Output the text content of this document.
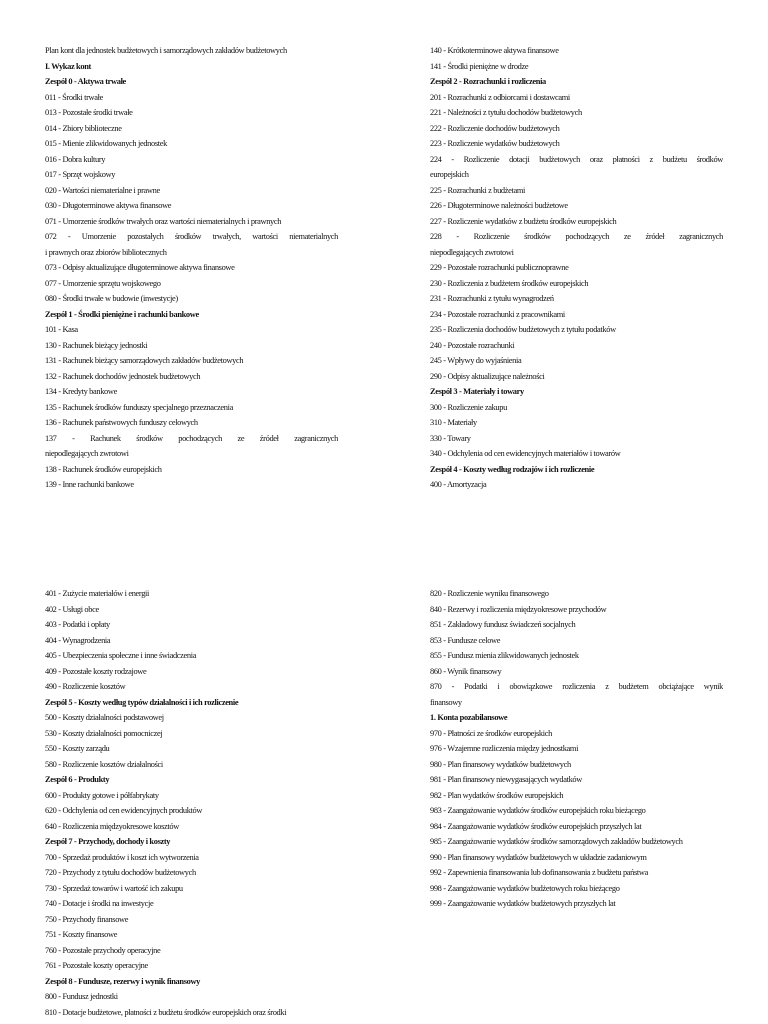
Plan kont dla jednostek budżetowych i samorządowych zakładów budżetowych
I. Wykaz kont
Zespół 0 - Aktywa trwałe
011 - Środki trwałe
013 - Pozostałe środki trwałe
014 - Zbiory biblioteczne
015 - Mienie zlikwidowanych jednostek
016 - Dobra kultury
017 - Sprzęt wojskowy
020 - Wartości niematerialne i prawne
030 - Długoterminowe aktywa finansowe
071 - Umorzenie środków trwałych oraz wartości niematerialnych i prawnych
072 - Umorzenie pozostałych środków trwałych, wartości niematerialnych
i prawnych oraz zbiorów bibliotecznych
073 - Odpisy aktualizujące długoterminowe aktywa finansowe
077 - Umorzenie sprzętu wojskowego
080 - Środki trwałe w budowie (inwestycje)
Zespół 1 - Środki pieniężne i rachunki bankowe
101 - Kasa
130 - Rachunek bieżący jednostki
131 - Rachunek bieżący samorządowych zakładów budżetowych
132 - Rachunek dochodów jednostek budżetowych
134 - Kredyty bankowe
135 - Rachunek środków funduszy specjalnego przeznaczenia
136 - Rachunek państwowych funduszy celowych
137 - Rachunek środków pochodzących ze źródeł zagranicznych
niepodlegających zwrotowi
138 - Rachunek środków europejskich
139 - Inne rachunki bankowe
140 - Krótkoterminowe aktywa finansowe
141 - Środki pieniężne w drodze
Zespół 2 - Rozrachunki i rozliczenia
201 - Rozrachunki z odbiorcami i dostawcami
221 - Należności z tytułu dochodów budżetowych
222 - Rozliczenie dochodów budżetowych
223 - Rozliczenie wydatków budżetowych
224 - Rozliczenie dotacji budżetowych oraz płatności z budżetu środków
europejskich
225 - Rozrachunki z budżetami
226 - Długoterminowe należności budżetowe
227 - Rozliczenie wydatków z budżetu środków europejskich
228 - Rozliczenie środków pochodzących ze źródeł zagranicznych
niepodlegających zwrotowi
229 - Pozostałe rozrachunki publicznoprawne
230 - Rozliczenia z budżetem środków europejskich
231 - Rozrachunki z tytułu wynagrodzeń
234 - Pozostałe rozrachunki z pracownikami
235 - Rozliczenia dochodów budżetowych z tytułu podatków
240 - Pozostałe rozrachunki
245 - Wpływy do wyjaśnienia
290 - Odpisy aktualizujące należności
Zespół 3 - Materiały i towary
300 - Rozliczenie zakupu
310 - Materiały
330 - Towary
340 - Odchylenia od cen ewidencyjnych materiałów i towarów
Zespół 4 - Koszty według rodzajów i ich rozliczenie
400 - Amortyzacja
401 - Zużycie materiałów i energii
402 - Usługi obce
403 - Podatki i opłaty
404 - Wynagrodzenia
405 - Ubezpieczenia społeczne i inne świadczenia
409 - Pozostałe koszty rodzajowe
490 - Rozliczenie kosztów
Zespół 5 - Koszty według typów działalności i ich rozliczenie
500 - Koszty działalności podstawowej
530 - Koszty działalności pomocniczej
550 - Koszty zarządu
580 - Rozliczenie kosztów działalności
Zespół 6 - Produkty
600 - Produkty gotowe i półfabrykaty
620 - Odchylenia od cen ewidencyjnych produktów
640 - Rozliczenia międzyokresowe kosztów
Zespół 7 - Przychody, dochody i koszty
700 - Sprzedaż produktów i koszt ich wytworzenia
720 - Przychody z tytułu dochodów budżetowych
730 - Sprzedaż towarów i wartość ich zakupu
740 - Dotacje i środki na inwestycje
750 - Przychody finansowe
751 - Koszty finansowe
760 - Pozostałe przychody operacyjne
761 - Pozostałe koszty operacyjne
Zespół 8 - Fundusze, rezerwy i wynik finansowy
800 - Fundusz jednostki
810 - Dotacje budżetowe, płatności z budżetu środków europejskich oraz środki
820 - Rozliczenie wyniku finansowego
840 - Rezerwy i rozliczenia międzyokresowe przychodów
851 - Zakładowy fundusz świadczeń socjalnych
853 - Fundusze celowe
855 - Fundusz mienia zlikwidowanych jednostek
860 - Wynik finansowy
870 - Podatki i obowiązkowe rozliczenia z budżetem obciążające wynik
finansowy
1. Konta pozabilansowe
970 - Płatności ze środków europejskich
976 - Wzajemne rozliczenia między jednostkami
980 - Plan finansowy wydatków budżetowych
981 - Plan finansowy niewygasających wydatków
982 - Plan wydatków środków europejskich
983 - Zaangażowanie wydatków środków europejskich roku bieżącego
984 - Zaangażowanie wydatków środków europejskich przyszłych lat
985 - Zaangażowanie wydatków środków samorządowych zakładów budżetowych
990 - Plan finansowy wydatków budżetowych w układzie zadaniowym
992 - Zapewnienia finansowania lub dofinansowania z budżetu państwa
998 - Zaangażowanie wydatków budżetowych roku bieżącego
999 - Zaangażowanie wydatków budżetowych przyszłych lat
